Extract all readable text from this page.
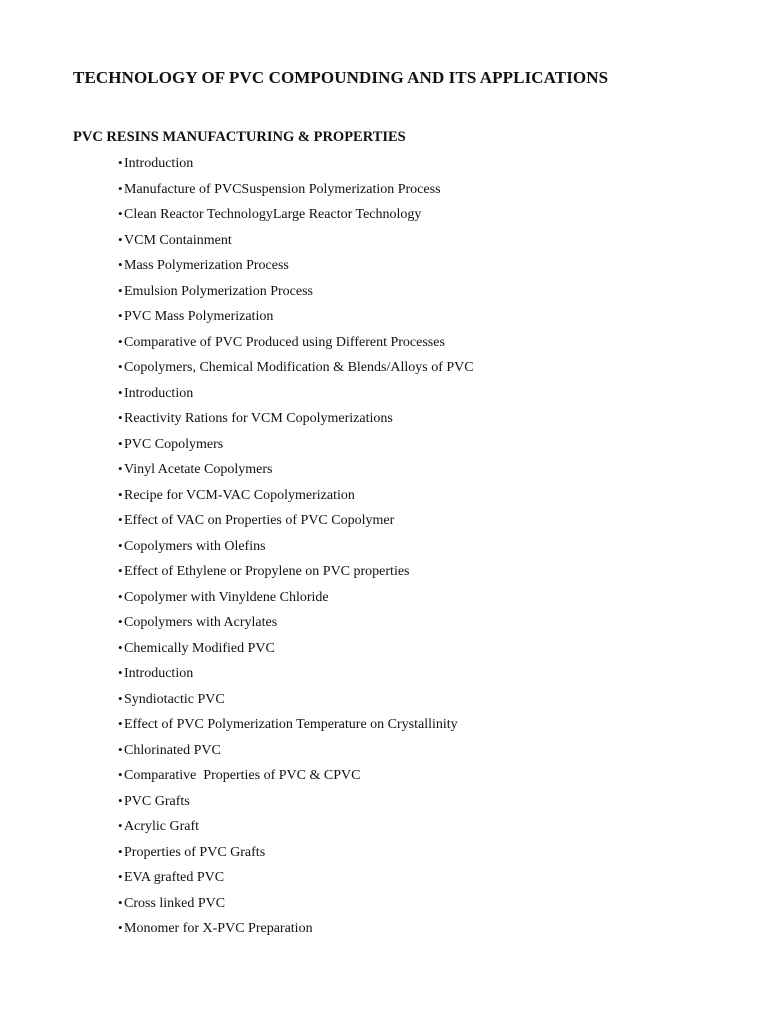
TECHNOLOGY OF PVC COMPOUNDING AND ITS APPLICATIONS
PVC RESINS MANUFACTURING & PROPERTIES
•Introduction
•Manufacture of PVCSuspension Polymerization Process
•Clean Reactor TechnologyLarge Reactor Technology
•VCM Containment
•Mass Polymerization Process
•Emulsion Polymerization Process
•PVC Mass Polymerization
•Comparative of PVC Produced using Different Processes
•Copolymers, Chemical Modification & Blends/Alloys of PVC
•Introduction
•Reactivity Rations for VCM Copolymerizations
•PVC Copolymers
•Vinyl Acetate Copolymers
•Recipe for VCM-VAC Copolymerization
•Effect of VAC on Properties of PVC Copolymer
•Copolymers with Olefins
•Effect of Ethylene or Propylene on PVC properties
•Copolymer with Vinyldene Chloride
•Copolymers with Acrylates
•Chemically Modified PVC
•Introduction
•Syndiotactic PVC
•Effect of PVC Polymerization Temperature on Crystallinity
•Chlorinated PVC
•Comparative  Properties of PVC & CPVC
•PVC Grafts
•Acrylic Graft
•Properties of PVC Grafts
•EVA grafted PVC
•Cross linked PVC
•Monomer for X-PVC Preparation
